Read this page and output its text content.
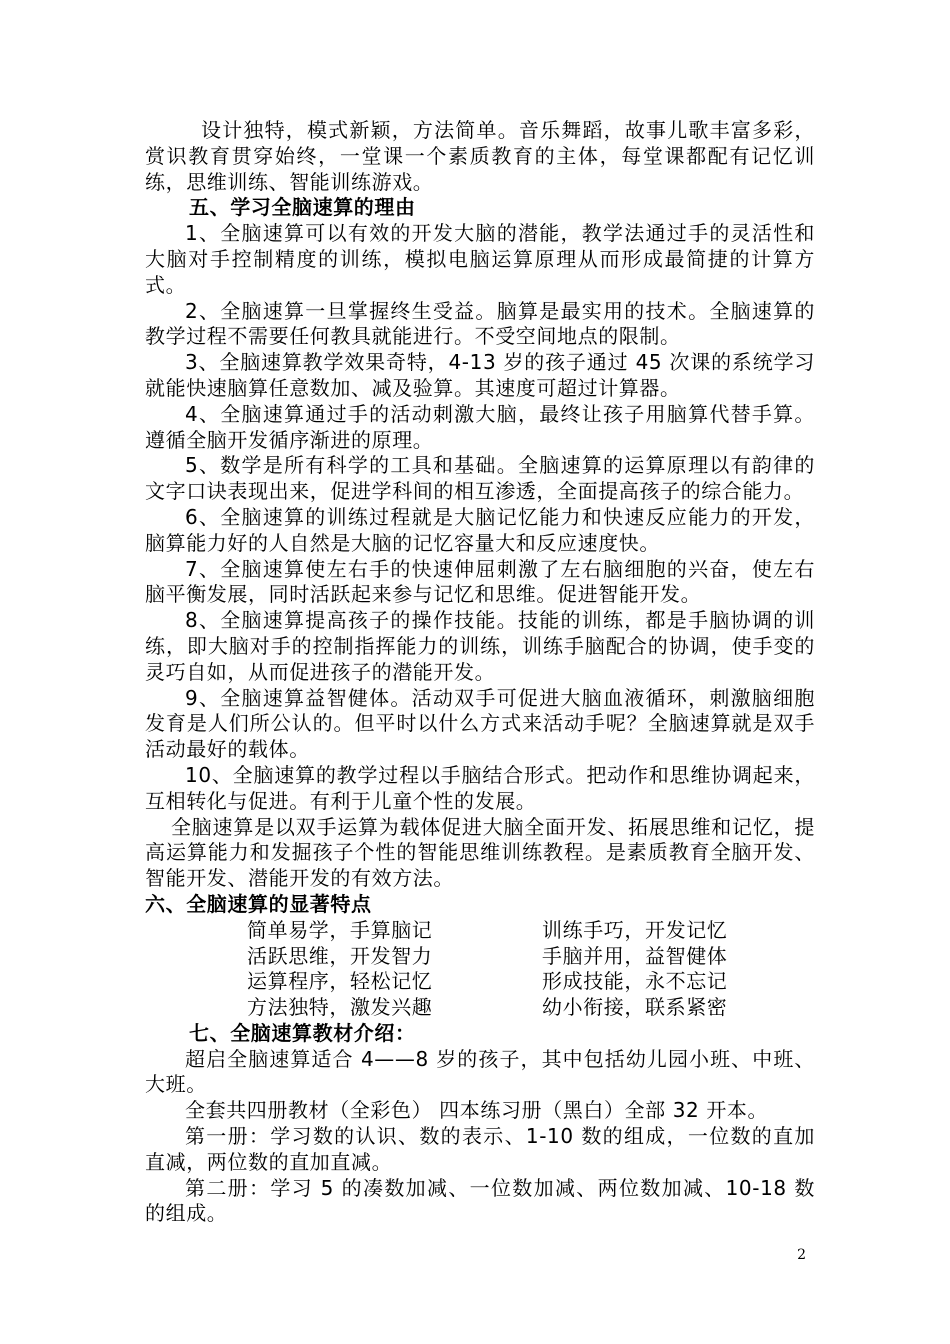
设计独特，模式新颖，方法简单。音乐舞蹈，故事儿歌丰富多彩，赏识教育贯穿始终，一堂课一个素质教育的主体，每堂课都配有记忆训练，思维训练、智能训练游戏。

五、学习全脑速算的理由

1、全脑速算可以有效的开发大脑的潜能，教学法通过手的灵活性和大脑对手控制精度的训练，模拟电脑运算原理从而形成最简捷的计算方式。

2、全脑速算一旦掌握终生受益。脑算是最实用的技术。全脑速算的教学过程不需要任何教具就能进行。不受空间地点的限制。

3、全脑速算教学效果奇特，4-13 岁的孩子通过 45 次课的系统学习就能快速脑算任意数加、减及验算。其速度可超过计算器。

4、全脑速算通过手的活动刺激大脑，最终让孩子用脑算代替手算。遵循全脑开发循序渐进的原理。

5、数学是所有科学的工具和基础。全脑速算的运算原理以有韵律的文字口诀表现出来，促进学科间的相互渗透，全面提高孩子的综合能力。

6、全脑速算的训练过程就是大脑记忆能力和快速反应能力的开发，脑算能力好的人自然是大脑的记忆容量大和反应速度快。

7、全脑速算使左右手的快速伸屈刺激了左右脑细胞的兴奋，使左右脑平衡发展，同时活跃起来参与记忆和思维。促进智能开发。

8、全脑速算提高孩子的操作技能。技能的训练，都是手脑协调的训练，即大脑对手的控制指挥能力的训练，训练手脑配合的协调，使手变的灵巧自如，从而促进孩子的潜能开发。

9、全脑速算益智健体。活动双手可促进大脑血液循环，刺激脑细胞发育是人们所公认的。但平时以什么方式来活动手呢？全脑速算就是双手活动最好的载体。

10、全脑速算的教学过程以手脑结合形式。把动作和思维协调起来，互相转化与促进。有利于儿童个性的发展。

全脑速算是以双手运算为载体促进大脑全面开发、拓展思维和记忆，提高运算能力和发掘孩子个性的智能思维训练教程。是素质教育全脑开发、智能开发、潜能开发的有效方法。

六、全脑速算的显著特点

简单易学，手算脑记	训练手巧，开发记忆
活跃思维，开发智力	手脑并用，益智健体
运算程序，轻松记忆	形成技能，永不忘记
方法独特，激发兴趣	幼小衔接，联系紧密

七、全脑速算教材介绍：

超启全脑速算适合 4——8 岁的孩子，其中包括幼儿园小班、中班、大班。

全套共四册教材（全彩色） 四本练习册（黑白）全部 32 开本。

第一册：学习数的认识、数的表示、1-10 数的组成，一位数的直加直减，两位数的直加直减。

第二册：学习 5 的凑数加减、一位数加减、两位数加减、10-18 数的组成。

2
